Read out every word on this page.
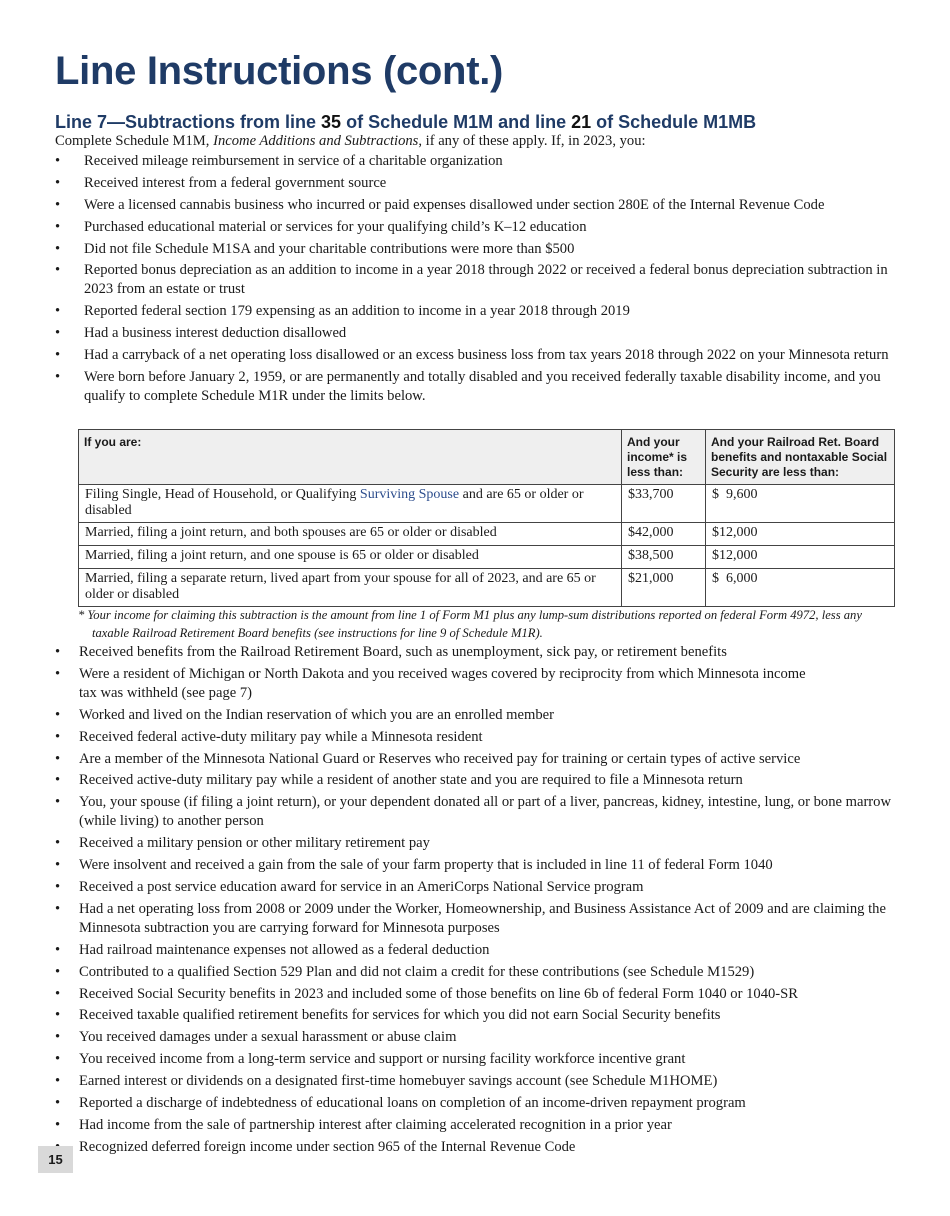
Line Instructions (cont.)
Line 7—Subtractions from line 35 of Schedule M1M and line 21 of Schedule M1MB
Complete Schedule M1M, Income Additions and Subtractions, if any of these apply. If, in 2023, you:
• Received mileage reimbursement in service of a charitable organization
• Received interest from a federal government source
• Were a licensed cannabis business who incurred or paid expenses disallowed under section 280E of the Internal Revenue Code
• Purchased educational material or services for your qualifying child’s K–12 education
• Did not file Schedule M1SA and your charitable contributions were more than $500
• Reported bonus depreciation as an addition to income in a year 2018 through 2022 or received a federal bonus depreciation subtraction in 2023 from an estate or trust
• Reported federal section 179 expensing as an addition to income in a year 2018 through 2019
• Had a business interest deduction disallowed
• Had a carryback of a net operating loss disallowed or an excess business loss from tax years 2018 through 2022 on your Minnesota return
• Were born before January 2, 1959, or are permanently and totally disabled and you received federally taxable disability income, and you qualify to complete Schedule M1R under the limits below.
If you are:	And your income* is less than:	And your Railroad Ret. Board benefits and nontaxable Social Security are less than:
Filing Single, Head of Household, or Qualifying Surviving Spouse and are 65 or older or disabled	$33,700	$  9,600
Married, filing a joint return, and both spouses are 65 or older or disabled	$42,000	$12,000
Married, filing a joint return, and one spouse is 65 or older or disabled	$38,500	$12,000
Married, filing a separate return, lived apart from your spouse for all of 2023, and are 65 or older or disabled	$21,000	$  6,000
* Your income for claiming this subtraction is the amount from line 1 of Form M1 plus any lump-sum distributions reported on federal Form 4972, less any taxable Railroad Retirement Board benefits (see instructions for line 9 of Schedule M1R).
• Received benefits from the Railroad Retirement Board, such as unemployment, sick pay, or retirement benefits
• Were a resident of Michigan or North Dakota and you received wages covered by reciprocity from which Minnesota income tax was withheld (see page 7)
• Worked and lived on the Indian reservation of which you are an enrolled member
• Received federal active-duty military pay while a Minnesota resident
• Are a member of the Minnesota National Guard or Reserves who received pay for training or certain types of active service
• Received active-duty military pay while a resident of another state and you are required to file a Minnesota return
• You, your spouse (if filing a joint return), or your dependent donated all or part of a liver, pancreas, kidney, intestine, lung, or bone marrow (while living) to another person
• Received a military pension or other military retirement pay
• Were insolvent and received a gain from the sale of your farm property that is included in line 11 of federal Form 1040
• Received a post service education award for service in an AmeriCorps National Service program
• Had a net operating loss from 2008 or 2009 under the Worker, Homeownership, and Business Assistance Act of 2009 and are claiming the Minnesota subtraction you are carrying forward for Minnesota purposes
• Had railroad maintenance expenses not allowed as a federal deduction
• Contributed to a qualified Section 529 Plan and did not claim a credit for these contributions (see Schedule M1529)
• Received Social Security benefits in 2023 and included some of those benefits on line 6b of federal Form 1040 or 1040-SR
• Received taxable qualified retirement benefits for services for which you did not earn Social Security benefits
• You received damages under a sexual harassment or abuse claim
• You received income from a long-term service and support or nursing facility workforce incentive grant
• Earned interest or dividends on a designated first-time homebuyer savings account (see Schedule M1HOME)
• Reported a discharge of indebtedness of educational loans on completion of an income-driven repayment program
• Had income from the sale of partnership interest after claiming accelerated recognition in a prior year
Recognized deferred foreign income under section 965 of the Internal Revenue Code
15
